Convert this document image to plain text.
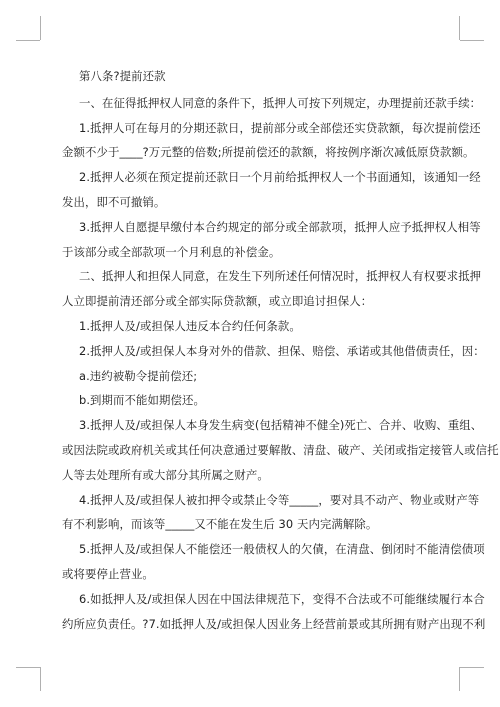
第八条?提前还款
一、在征得抵押权人同意的条件下，抵押人可按下列规定，办理提前还款手续：
1.抵押人可在每月的分期还款日，提前部分或全部偿还实贷款额，每次提前偿还
金额不少于____?万元整的倍数;所提前偿还的款额，将按例序渐次减低原贷款额。
2.抵押人必须在预定提前还款日一个月前给抵押权人一个书面通知，该通知一经
发出，即不可撤销。
3.抵押人自愿提早缴付本合约规定的部分或全部款项，抵押人应予抵押权人相等
于该部分或全部款项一个月利息的补偿金。
二、抵押人和担保人同意，在发生下列所述任何情况时，抵押权人有权要求抵押
人立即提前清还部分或全部实际贷款额，或立即追讨担保人：
1.抵押人及/或担保人违反本合约任何条款。
2.抵押人及/或担保人本身对外的借款、担保、赔偿、承诺或其他借债责任，因：
a.违约被勒令提前偿还;
b.到期而不能如期偿还。
3.抵押人及/或担保人本身发生病变(包括精神不健全)死亡、合并、收购、重组、
或因法院或政府机关或其任何决意通过要解散、清盘、破产、关闭或指定接管人或信托
人等去处理所有或大部分其所属之财产。
4.抵押人及/或担保人被扣押令或禁止令等_____，要对具不动产、物业或财产等
有不利影响，而该等_____又不能在发生后 30 天内完满解除。
5.抵押人及/或担保人不能偿还一般债权人的欠債，在清盘、倒闭时不能清偿债项
或将要停止营业。
6.如抵押人及/或担保人因在中国法律规范下，变得不合法或不可能继续履行本合
约所应负责任。?7.如抵押人及/或担保人因业务上经营前景或其所拥有财产出现不利
